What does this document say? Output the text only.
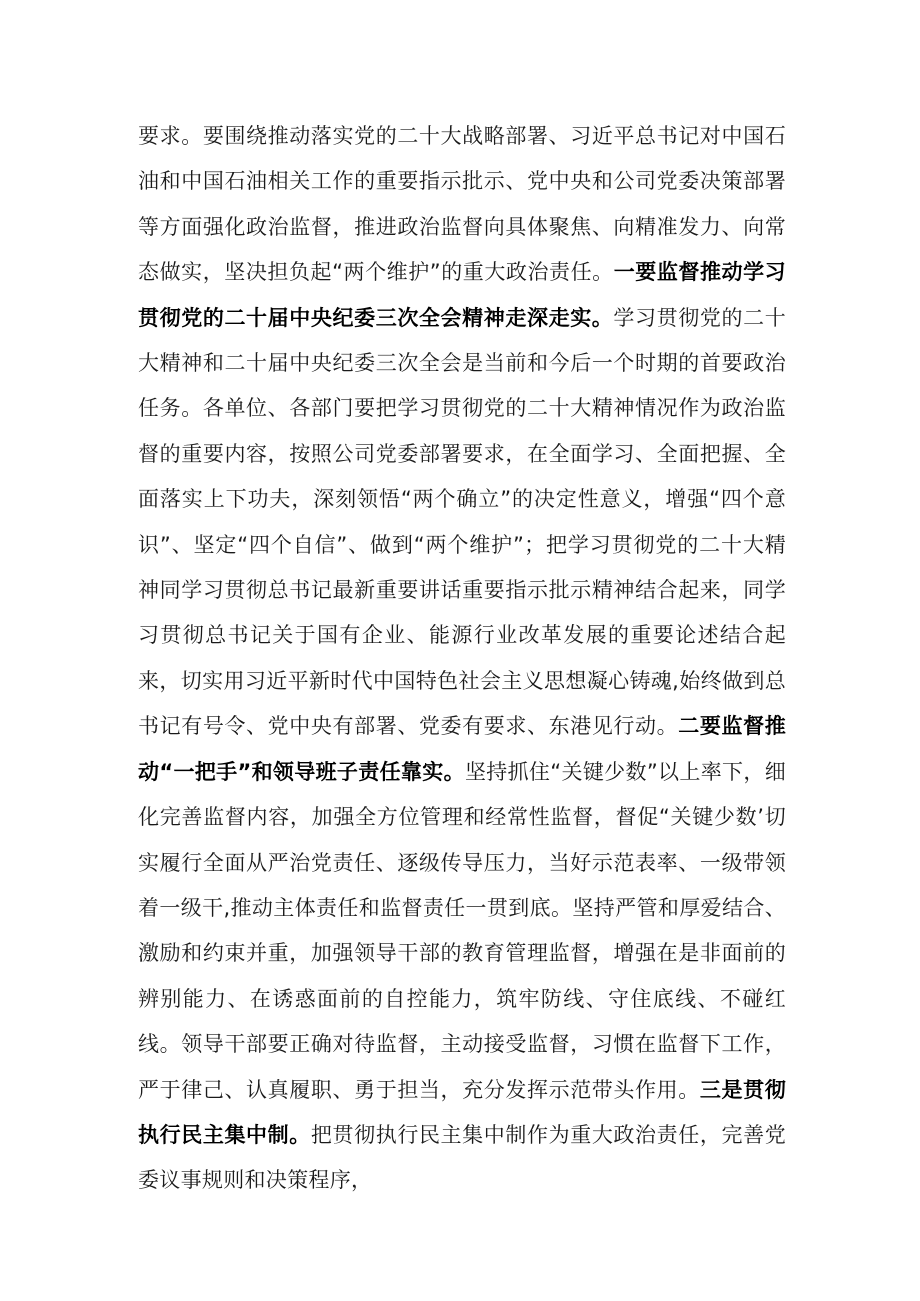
要求。要围绕推动落实党的二十大战略部署、习近平总书记对中国石油和中国石油相关工作的重要指示批示、党中央和公司党委决策部署等方面强化政治监督，推进政治监督向具体聚焦、向精准发力、向常态做实，坚决担负起“两个维护”的重大政治责任。一要监督推动学习贯彻党的二十届中央纪委三次全会精神走深走实。学习贯彻党的二十大精神和二十届中央纪委三次全会是当前和今后一个时期的首要政治任务。各单位、各部门要把学习贯彻党的二十大精神情况作为政治监督的重要内容，按照公司党委部署要求，在全面学习、全面把握、全面落实上下功夫，深刻领悟“两个确立”的决定性意义，增强“四个意识”、坚定“四个自信”、做到“两个维护”；把学习贯彻党的二十大精神同学习贯彻总书记最新重要讲话重要指示批示精神结合起来，同学习贯彻总书记关于国有企业、能源行业改革发展的重要论述结合起来，切实用习近平新时代中国特色社会主义思想凝心铸魂,始终做到总书记有号令、党中央有部署、党委有要求、东港见行动。二要监督推动“一把手”和领导班子责任靠实。坚持抓住“关键少数”以上率下，细化完善监督内容，加强全方位管理和经常性监督，督促“关键少数’切实履行全面从严治党责任、逐级传导压力，当好示范表率、一级带领着一级干,推动主体责任和监督责任一贯到底。坚持严管和厚爱结合、激励和约束并重，加强领导干部的教育管理监督，增强在是非面前的辨别能力、在诱惑面前的自控能力，筑牢防线、守住底线、不碰红线。领导干部要正确对待监督，主动接受监督，习惯在监督下工作，严于律己、认真履职、勇于担当，充分发挥示范带头作用。三是贯彻执行民主集中制。把贯彻执行民主集中制作为重大政治责任，完善党委议事规则和决策程序，
